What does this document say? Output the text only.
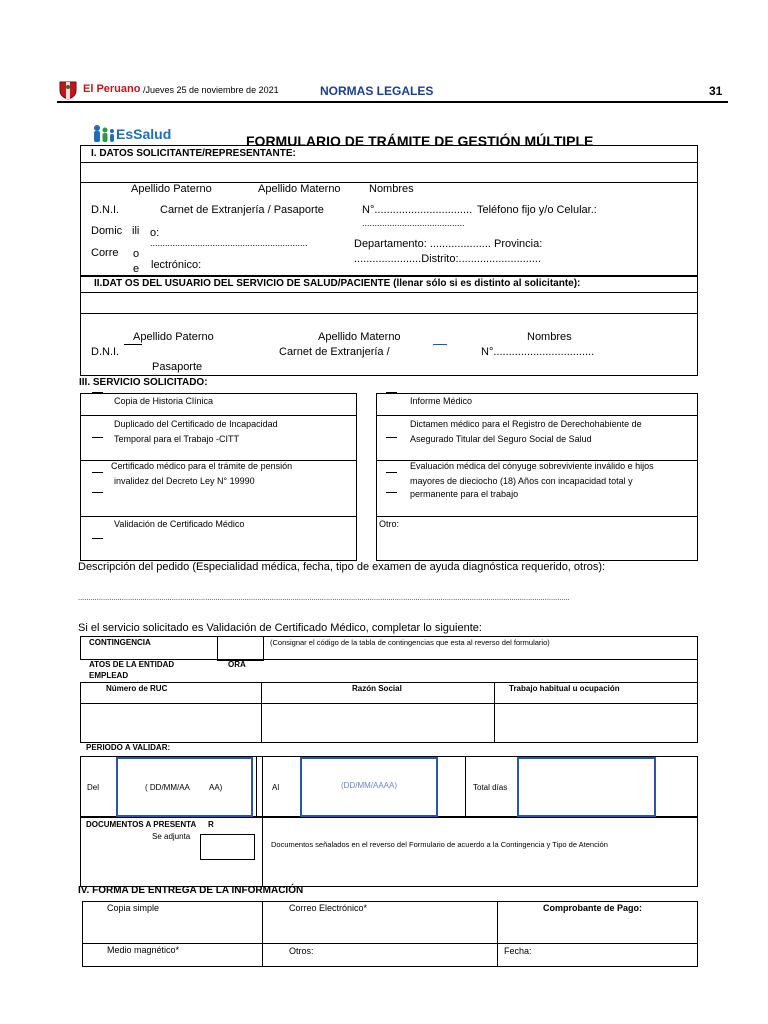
El Peruano /Jueves 25 de noviembre de 2021	NORMAS LEGALES	31
EsSalud	FORMULARIO DE TRÁMITE DE GESTIÓN MÚLTIPLE
I. DATOS SOLICITANTE/REPRESENTANTE:
Apellido Paterno	Apellido Materno	Nombres
D.N.I.	Carnet de Extranjería / Pasaporte	N°................................ Teléfono fijo y/o Celular.:
.........................................
Domic ili o:
...............................................................	Departamento: .................... Provincia:
Corre o	......................Distrito:...........................
e lectrónico:
II.DAT OS DEL USUARIO DEL SERVICIO DE SALUD/PACIENTE (llenar sólo si es distinto al solicitante):
Apellido Paterno	Apellido Materno	Nombres
D.N.I.	Carnet de Extranjería /	N°.................................
Pasaporte
III. SERVICIO SOLICITADO:
Copia de Historia Clínica
Duplicado del Certificado de Incapacidad
Temporal para el Trabajo -CITT
Certificado médico para el trámite de pensión
invalidez del Decreto Ley N° 19990
Validación de Certificado Médico
Informe Médico
Dictamen médico para el Registro de Derechohabiente de
Asegurado Titular del Seguro Social de Salud
Evaluación médica del cónyuge sobreviviente inválido e hijos
mayores de dieciocho (18) Años con incapacidad total y
permanente para el trabajo
Otro:
Descripción del pedido (Especialidad médica, fecha, tipo de examen de ayuda diagnóstica requerido, otros):
............................................................................................................................................................................................................................................
Si el servicio solicitado es Validación de Certificado Médico, completar lo siguiente:
CONTINGENCIA	(Consignar el código de la tabla de contingencias que esta al reverso del formulario)
ATOS DE LA ENTIDAD	ORA
EMPLEAD
Número de RUC	Razón Social	Trabajo habitual u ocupación
PERIODO A VALIDAR:
Del	( DD/MM/AA AA)	Al	(DD/MM/AAAA)	Total días
DOCUMENTOS A PRESENTA R
Se adjunta
Documentos señalados en el reverso del Formulario de acuerdo a la Contingencia y Tipo de Atención
IV. FORMA DE ENTREGA DE LA INFORMACIÓN
Copia simple	Correo Electrónico*	Comprobante de Pago:
Medio magnético*	Otros:	Fecha:
